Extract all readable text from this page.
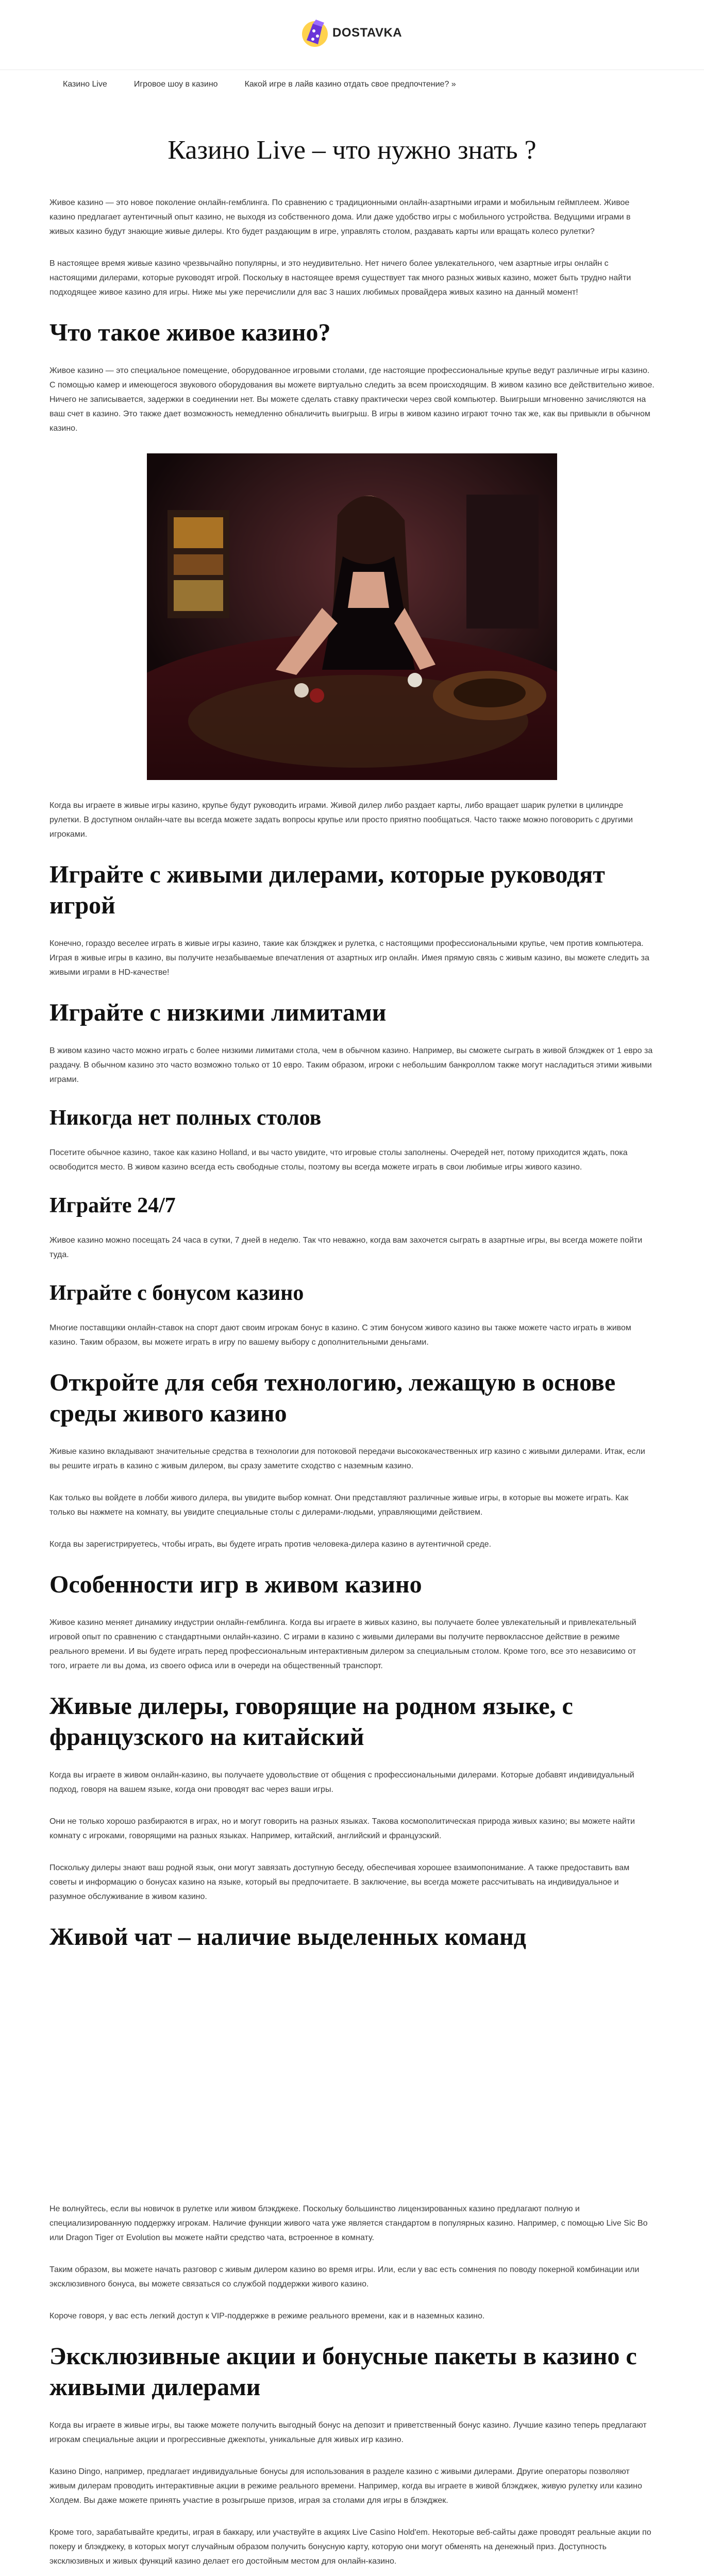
DOSTAVKA
Казино Live	Игровое шоу в казино	Какой игре в лайв казино отдать свое предпочтение? »
Казино Live – что нужно знать ?

Живое казино — это новое поколение онлайн-гемблинга. По сравнению с традиционными онлайн-азартными играми и мобильным геймплеем. Живое казино предлагает аутентичный опыт казино, не выходя из собственного дома. Или даже удобство игры с мобильного устройства. Ведущими играми в живых казино будут знающие живые дилеры. Кто будет раздающим в игре, управлять столом, раздавать карты или вращать колесо рулетки?

В настоящее время живые казино чрезвычайно популярны, и это неудивительно. Нет ничего более увлекательного, чем азартные игры онлайн с настоящими дилерами, которые руководят игрой. Поскольку в настоящее время существует так много разных живых казино, может быть трудно найти подходящее живое казино для игры. Ниже мы уже перечислили для вас 3 наших любимых провайдера живых казино на данный момент!

Что такое живое казино?

Живое казино — это специальное помещение, оборудованное игровыми столами, где настоящие профессиональные крупье ведут различные игры казино. С помощью камер и имеющегося звукового оборудования вы можете виртуально следить за всем происходящим. В живом казино все действительно живое. Ничего не записывается, задержки в соединении нет. Вы можете сделать ставку практически через свой компьютер. Выигрыши мгновенно зачисляются на ваш счет в казино. Это также дает возможность немедленно обналичить выигрыш. В игры в живом казино играют точно так же, как вы привыкли в обычном казино.

Когда вы играете в живые игры казино, крупье будут руководить играми. Живой дилер либо раздает карты, либо вращает шарик рулетки в цилиндре рулетки. В доступном онлайн-чате вы всегда можете задать вопросы крупье или просто приятно пообщаться. Часто также можно поговорить с другими игроками.

Играйте с живыми дилерами, которые руководят игрой

Конечно, гораздо веселее играть в живые игры казино, такие как блэкджек и рулетка, с настоящими профессиональными крупье, чем против компьютера. Играя в живые игры в казино, вы получите незабываемые впечатления от азартных игр онлайн. Имея прямую связь с живым казино, вы можете следить за живыми играми в HD-качестве!

Играйте с низкими лимитами

В живом казино часто можно играть с более низкими лимитами стола, чем в обычном казино. Например, вы сможете сыграть в живой блэкджек от 1 евро за раздачу. В обычном казино это часто возможно только от 10 евро. Таким образом, игроки с небольшим банкроллом также могут насладиться этими живыми играми.

Никогда нет полных столов

Посетите обычное казино, такое как казино Holland, и вы часто увидите, что игровые столы заполнены. Очередей нет, потому приходится ждать, пока освободится место. В живом казино всегда есть свободные столы, поэтому вы всегда можете играть в свои любимые игры живого казино.

Играйте 24/7

Живое казино можно посещать 24 часа в сутки, 7 дней в неделю. Так что неважно, когда вам захочется сыграть в азартные игры, вы всегда можете пойти туда.

Играйте с бонусом казино

Многие поставщики онлайн-ставок на спорт дают своим игрокам бонус в казино. С этим бонусом живого казино вы также можете часто играть в живом казино. Таким образом, вы можете играть в игру по вашему выбору с дополнительными деньгами.

Откройте для себя технологию, лежащую в основе среды живого казино

Живые казино вкладывают значительные средства в технологии для потоковой передачи высококачественных игр казино с живыми дилерами. Итак, если вы решите играть в казино с живым дилером, вы сразу заметите сходство с наземным казино.

Как только вы войдете в лобби живого дилера, вы увидите выбор комнат. Они представляют различные живые игры, в которые вы можете играть. Как только вы нажмете на комнату, вы увидите специальные столы с дилерами-людьми, управляющими действием.

Когда вы зарегистрируетесь, чтобы играть, вы будете играть против человека-дилера казино в аутентичной среде.

Особенности игр в живом казино

Живое казино меняет динамику индустрии онлайн-гемблинга. Когда вы играете в живых казино, вы получаете более увлекательный и привлекательный игровой опыт по сравнению с стандартными онлайн-казино. С играми в казино с живыми дилерами вы получите первоклассное действие в режиме реального времени. И вы будете играть перед профессиональным интерактивным дилером за специальным столом. Кроме того, все это независимо от того, играете ли вы дома, из своего офиса или в очереди на общественный транспорт.

Живые дилеры, говорящие на родном языке, с французского на китайский

Когда вы играете в живом онлайн-казино, вы получаете удовольствие от общения с профессиональными дилерами. Которые добавят индивидуальный подход, говоря на вашем языке, когда они проводят вас через ваши игры.

Они не только хорошо разбираются в играх, но и могут говорить на разных языках. Такова космополитическая природа живых казино; вы можете найти комнату с игроками, говорящими на разных языках. Например, китайский, английский и французский.

Поскольку дилеры знают ваш родной язык, они могут завязать доступную беседу, обеспечивая хорошее взаимопонимание. А также предоставить вам советы и информацию о бонусах казино на языке, который вы предпочитаете. В заключение, вы всегда можете рассчитывать на индивидуальное и разумное обслуживание в живом казино.

Живой чат – наличие выделенных команд

Не волнуйтесь, если вы новичок в рулетке или живом блэкджеке. Поскольку большинство лицензированных казино предлагают полную и специализированную поддержку игрокам. Наличие функции живого чата уже является стандартом в популярных казино. Например, с помощью Live Sic Bo или Dragon Tiger от Evolution вы можете найти средство чата, встроенное в комнату.

Таким образом, вы можете начать разговор с живым дилером казино во время игры. Или, если у вас есть сомнения по поводу покерной комбинации или эксклюзивного бонуса, вы можете связаться со службой поддержки живого казино.

Короче говоря, у вас есть легкий доступ к VIP-поддержке в режиме реального времени, как и в наземных казино.

Эксклюзивные акции и бонусные пакеты в казино с живыми дилерами

Когда вы играете в живые игры, вы также можете получить выгодный бонус на депозит и приветственный бонус казино. Лучшие казино теперь предлагают игрокам специальные акции и прогрессивные джекпоты, уникальные для живых игр казино.

Казино Dingo, например, предлагает индивидуальные бонусы для использования в разделе казино с живыми дилерами. Другие операторы позволяют живым дилерам проводить интерактивные акции в режиме реального времени. Например, когда вы играете в живой блэкджек, живую рулетку или казино Холдем. Вы даже можете принять участие в розыгрыше призов, играя за столами для игры в блэкджек.

Кроме того, зарабатывайте кредиты, играя в баккару, или участвуйте в акциях Live Casino Hold'em. Некоторые веб-сайты даже проводят реальные акции по покеру и блэкджеку, в которых могут случайным образом получить бонусную карту, которую они могут обменять на денежный приз. Доступность эксклюзивных и живых функций казино делает его достойным местом для онлайн-казино.
